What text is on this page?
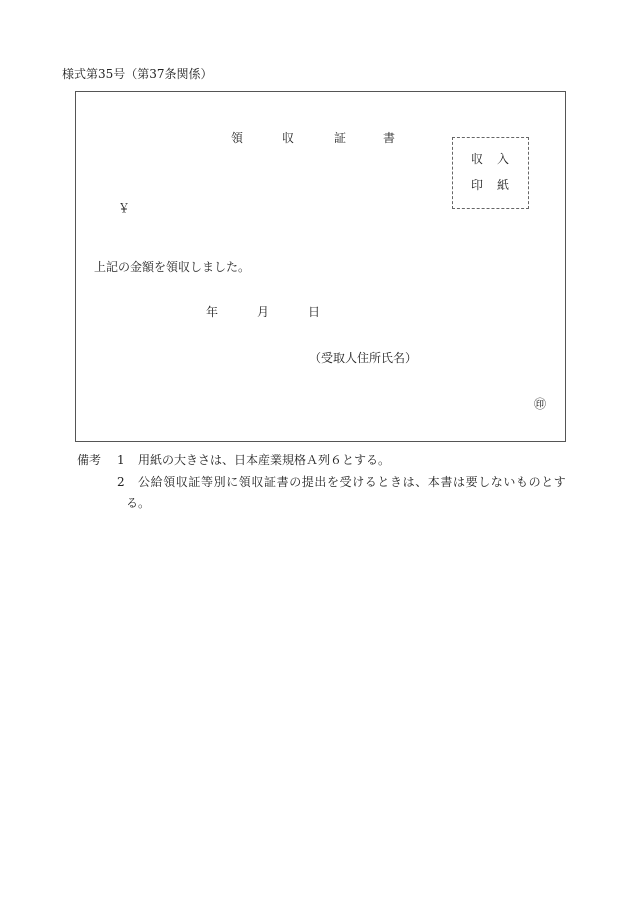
様式第35号（第37条関係）
領	収	証	書
収 入
印 紙
￥
上記の金額を領収しました。
年	月	日
（受取人住所氏名）
㊞
備考 1 用紙の大きさは、日本産業規格Ａ列６とする。
2 公給領収証等別に領収証書の提出を受けるときは、本書は要しないものとす
る。
